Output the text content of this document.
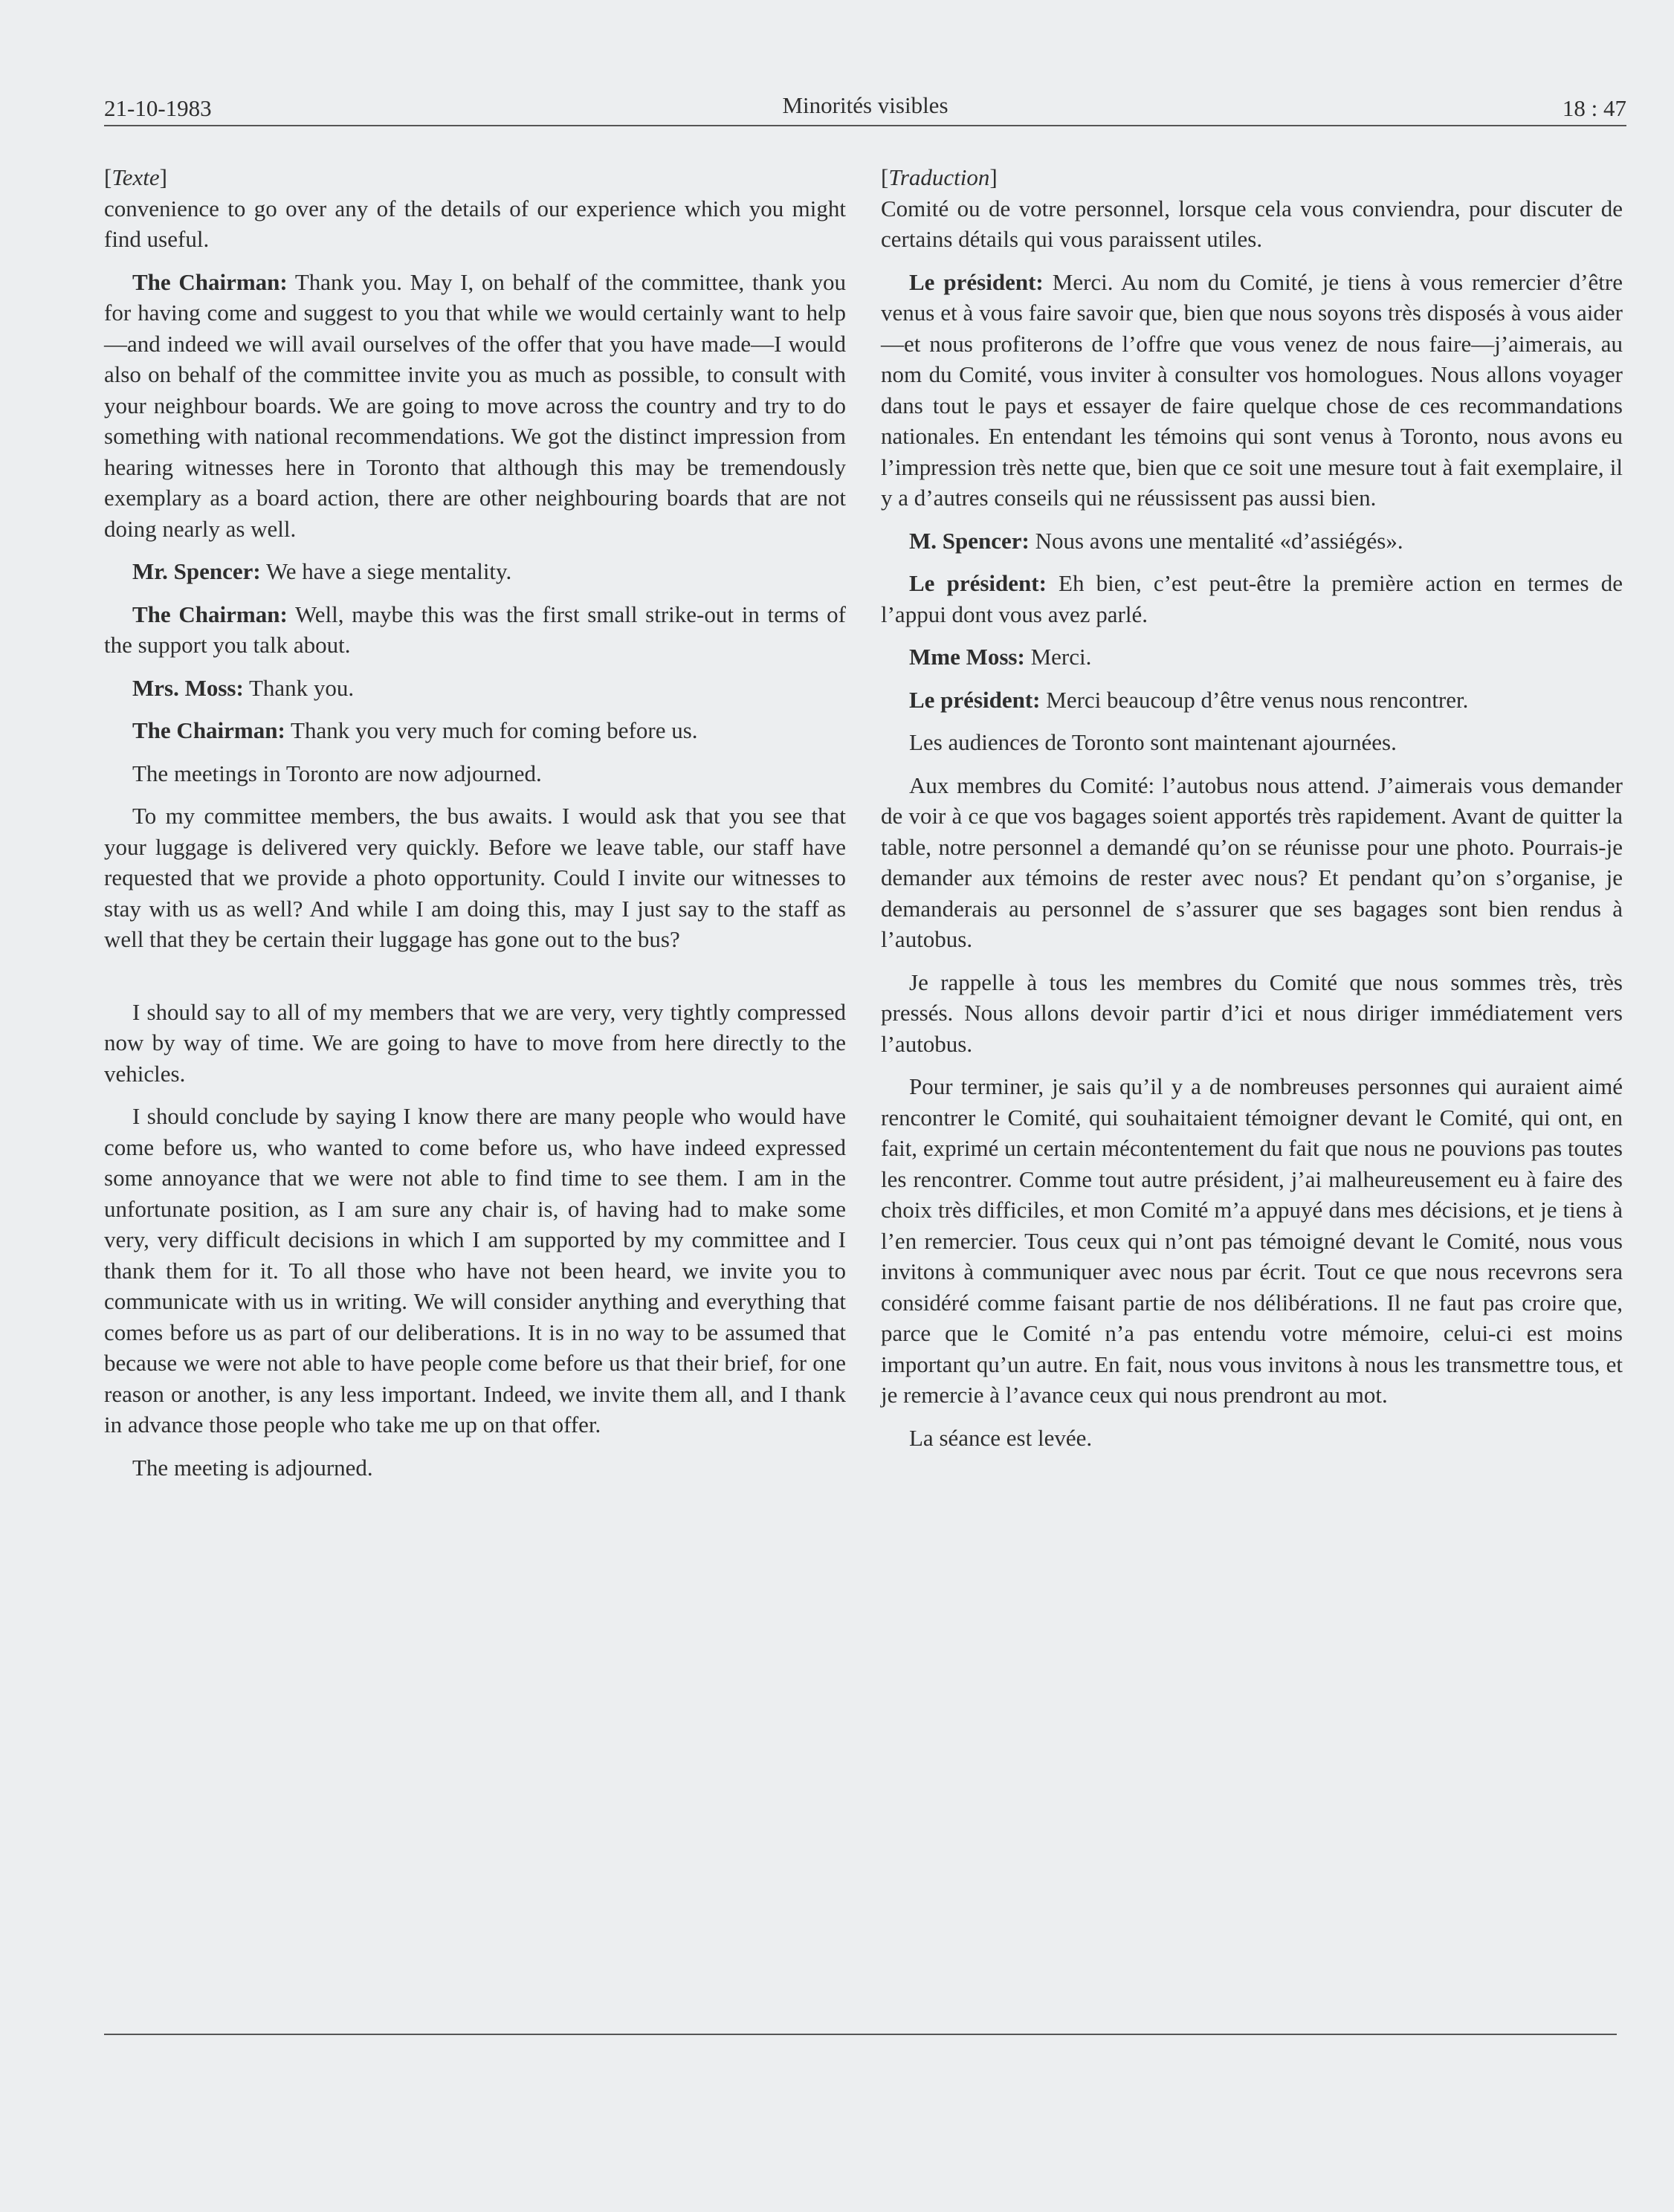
21-10-1983	Minorités visibles	18 : 47

[Texte]

convenience to go over any of the details of our experience which you might find useful.

The Chairman: Thank you. May I, on behalf of the committee, thank you for having come and suggest to you that while we would certainly want to help—and indeed we will avail ourselves of the offer that you have made—I would also on behalf of the committee invite you as much as possible, to consult with your neighbour boards. We are going to move across the country and try to do something with national recommendations. We got the distinct impression from hearing witnesses here in Toronto that although this may be tremendously exemplary as a board action, there are other neighbouring boards that are not doing nearly as well.

Mr. Spencer: We have a siege mentality.

The Chairman: Well, maybe this was the first small strike-out in terms of the support you talk about.

Mrs. Moss: Thank you.

The Chairman: Thank you very much for coming before us.

The meetings in Toronto are now adjourned.

To my committee members, the bus awaits. I would ask that you see that your luggage is delivered very quickly. Before we leave table, our staff have requested that we provide a photo opportunity. Could I invite our witnesses to stay with us as well? And while I am doing this, may I just say to the staff as well that they be certain their luggage has gone out to the bus?

I should say to all of my members that we are very, very tightly compressed now by way of time. We are going to have to move from here directly to the vehicles.

I should conclude by saying I know there are many people who would have come before us, who wanted to come before us, who have indeed expressed some annoyance that we were not able to find time to see them. I am in the unfortunate position, as I am sure any chair is, of having had to make some very, very difficult decisions in which I am supported by my committee and I thank them for it. To all those who have not been heard, we invite you to communicate with us in writing. We will consider anything and everything that comes before us as part of our deliberations. It is in no way to be assumed that because we were not able to have people come before us that their brief, for one reason or another, is any less important. Indeed, we invite them all, and I thank in advance those people who take me up on that offer.

The meeting is adjourned.

[Traduction]

Comité ou de votre personnel, lorsque cela vous conviendra, pour discuter de certains détails qui vous paraissent utiles.

Le président: Merci. Au nom du Comité, je tiens à vous remercier d’être venus et à vous faire savoir que, bien que nous soyons très disposés à vous aider—et nous profiterons de l’offre que vous venez de nous faire—j’aimerais, au nom du Comité, vous inviter à consulter vos homologues. Nous allons voyager dans tout le pays et essayer de faire quelque chose de ces recommandations nationales. En entendant les témoins qui sont venus à Toronto, nous avons eu l’impression très nette que, bien que ce soit une mesure tout à fait exemplaire, il y a d’autres conseils qui ne réussissent pas aussi bien.

M. Spencer: Nous avons une mentalité «d’assiégés».

Le président: Eh bien, c’est peut-être la première action en termes de l’appui dont vous avez parlé.

Mme Moss: Merci.

Le président: Merci beaucoup d’être venus nous rencontrer.

Les audiences de Toronto sont maintenant ajournées.

Aux membres du Comité: l’autobus nous attend. J’aimerais vous demander de voir à ce que vos bagages soient apportés très rapidement. Avant de quitter la table, notre personnel a demandé qu’on se réunisse pour une photo. Pourrais-je demander aux témoins de rester avec nous? Et pendant qu’on s’organise, je demanderais au personnel de s’assurer que ses bagages sont bien rendus à l’autobus.

Je rappelle à tous les membres du Comité que nous sommes très, très pressés. Nous allons devoir partir d’ici et nous diriger immédiatement vers l’autobus.

Pour terminer, je sais qu’il y a de nombreuses personnes qui auraient aimé rencontrer le Comité, qui souhaitaient témoigner devant le Comité, qui ont, en fait, exprimé un certain mécontentement du fait que nous ne pouvions pas toutes les rencontrer. Comme tout autre président, j’ai malheureusement eu à faire des choix très difficiles, et mon Comité m’a appuyé dans mes décisions, et je tiens à l’en remercier. Tous ceux qui n’ont pas témoigné devant le Comité, nous vous invitons à communiquer avec nous par écrit. Tout ce que nous recevrons sera considéré comme faisant partie de nos délibérations. Il ne faut pas croire que, parce que le Comité n’a pas entendu votre mémoire, celui-ci est moins important qu’un autre. En fait, nous vous invitons à nous les transmettre tous, et je remercie à l’avance ceux qui nous prendront au mot.

La séance est levée.
